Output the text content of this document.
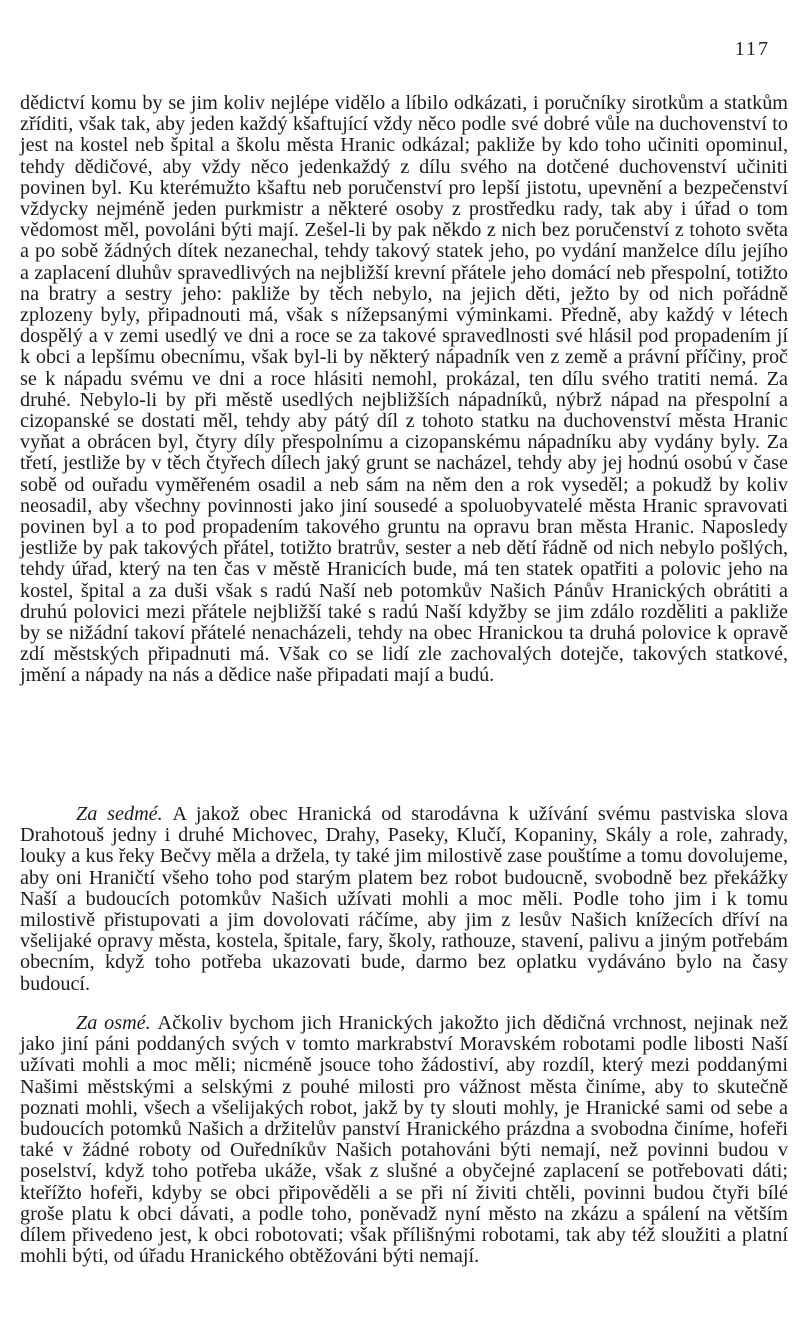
117
dědictví komu by se jim koliv nejlépe vidělo a líbilo odkázati, i poručníky sirotkům a statkům zříditi, však tak, aby jeden každý kšaftující vždy něco podle své dobré vůle na duchovenství to jest na kostel neb špital a školu města Hranic odkázal; pakliže by kdo toho učiniti opominul, tehdy dědičové, aby vždy něco jedenkaždý z dílu svého na dotčené duchovenství učiniti povinen byl. Ku kterémužto kšaftu neb poručenství pro lepší jistotu, upevnění a bezpečenství vždycky nejméně jeden purkmistr a některé osoby z prostředku rady, tak aby i úřad o tom vědomost měl, povoláni býti mají. Zešel-li by pak někdo z nich bez poručenství z tohoto světa a po sobě žádných dítek nezanechal, tehdy takový statek jeho, po vydání manželce dílu jejího a zaplacení dluhův spravedlivých na nejbližší krevní přátele jeho domácí neb přespolní, totižto na bratry a sestry jeho: pakliže by těch nebylo, na jejich děti, ježto by od nich pořádně zplozeny byly, připadnouti má, však s nížepsanými výminkami. Předně, aby každý v létech dospělý a v zemi usedlý ve dni a roce se za takové spravedlnosti své hlásil pod propadením jí k obci a lepšímu obecnímu, však byl-li by některý nápadník ven z země a právní příčiny, proč se k nápadu svému ve dni a roce hlásiti nemohl, prokázal, ten dílu svého tratiti nemá. Za druhé. Nebylo-li by při městě usedlých nejbližších nápadníků, nýbrž nápad na přespolní a cizopanské se dostati měl, tehdy aby pátý díl z tohoto statku na duchovenství města Hranic vyňat a obrácen byl, čtyry díly přespolnímu a cizopanskému nápadníku aby vydány byly. Za třetí, jestliže by v těch čtyřech dílech jaký grunt se nacházel, tehdy aby jej hodnú osobú v čase sobě od ouřadu vyměřeném osadil a neb sám na něm den a rok vyseděl; a pokudž by koliv neosadil, aby všechny povinnosti jako jiní sousedé a spoluobyvatelé města Hranic spravovati povinen byl a to pod propadením takového gruntu na opravu bran města Hranic. Naposledy jestliže by pak takových přátel, totižto bratrův, sester a neb dětí řádně od nich nebylo pošlých, tehdy úřad, který na ten čas v městě Hranicích bude, má ten statek opatřiti a polovic jeho na kostel, špital a za duši však s radú Naší neb potomkův Našich Pánův Hranických obrátiti a druhú polovici mezi přátele nejbližší také s radú Naší kdyžby se jim zdálo rozděliti a pakliže by se nižádní takoví přátelé nenacházeli, tehdy na obec Hranickou ta druhá polovice k opravě zdí městských připadnuti má. Však co se lidí zle zachovalých dotejče, takových statkové, jmění a nápady na nás a dědice naše připadati mají a budú.
Za sedmé. A jakož obec Hranická od starodávna k užívání svému pastviska slova Drahotouš jedny i druhé Michovec, Drahy, Paseky, Klučí, Kopaniny, Skály a role, zahrady, louky a kus řeky Bečvy měla a držela, ty také jim milostivě zase pouštíme a tomu dovolujeme, aby oni Hraničtí všeho toho pod starým platem bez robot budoucně, svobodně bez překážky Naší a budoucích potomkův Našich užívati mohli a moc měli. Podle toho jim i k tomu milostivě přistupovati a jim dovolovati ráčíme, aby jim z lesův Našich knížecích dříví na všelijaké opravy města, kostela, špitale, fary, školy, rathouze, stavení, palivu a jiným potřebám obecním, když toho potřeba ukazovati bude, darmo bez oplatku vydáváno bylo na časy budoucí.
Za osmé. Ačkoliv bychom jich Hranických jakožto jich dědičná vrchnost, nejinak než jako jiní páni poddaných svých v tomto markrabství Moravském robotami podle libosti Naší užívati mohli a moc měli; nicméně jsouce toho žádostiví, aby rozdíl, který mezi poddanými Našimi městskými a selskými z pouhé milosti pro vážnost města činíme, aby to skutečně poznati mohli, všech a všelijakých robot, jakž by ty slouti mohly, je Hranické sami od sebe a budoucích potomků Našich a držitelův panství Hranického prázdna a svobodna činíme, hofeři také v žádné roboty od Ouředníkův Našich potahováni býti nemají, než povinni budou v poselství, když toho potřeba ukáže, však z slušné a obyčejné zaplacení se potřebovati dáti; kteřížto hofeři, kdyby se obci připověděli a se při ní živiti chtěli, povinni budou čtyři bílé groše platu k obci dávati, a podle toho, poněvadž nyní město na zkázu a spálení na větším dílem přivedeno jest, k obci robotovati; však přílišnými robotami, tak aby též sloužiti a platní mohli býti, od úřadu Hranického obtěžováni býti nemají.
